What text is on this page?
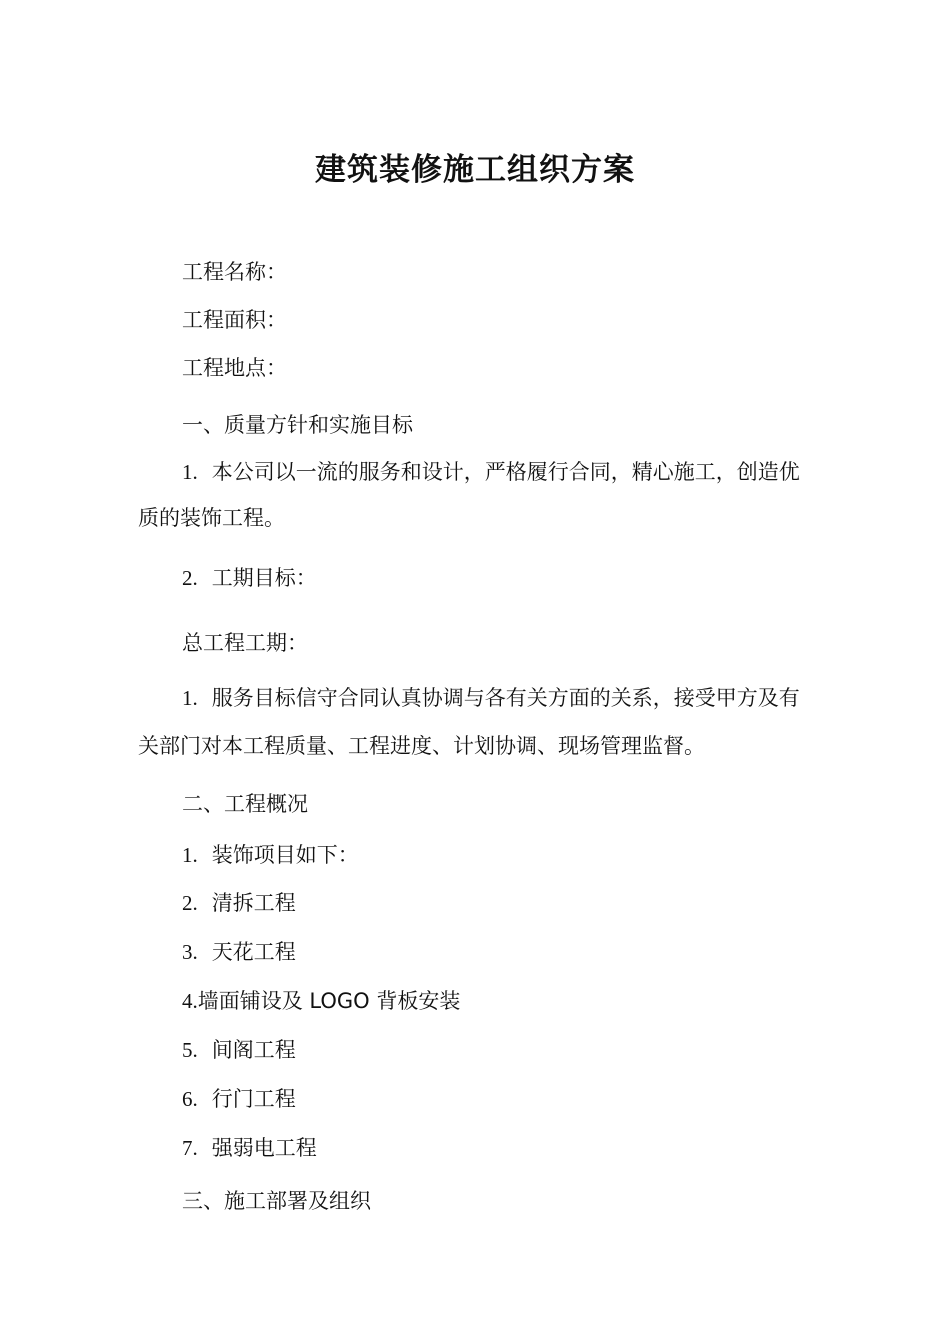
建筑装修施工组织方案
工程名称：
工程面积：
工程地点：
一、质量方针和实施目标
1. 本公司以一流的服务和设计，严格履行合同，精心施工，创造优
质的装饰工程。
2. 工期目标：
总工程工期：
1. 服务目标信守合同认真协调与各有关方面的关系，接受甲方及有
关部门对本工程质量、工程进度、计划协调、现场管理监督。
二、工程概况
1. 装饰项目如下：
2. 清拆工程
3. 天花工程
4.墙面铺设及 LOGO 背板安装
5. 间阁工程
6. 行门工程
7. 强弱电工程
三、施工部署及组织
